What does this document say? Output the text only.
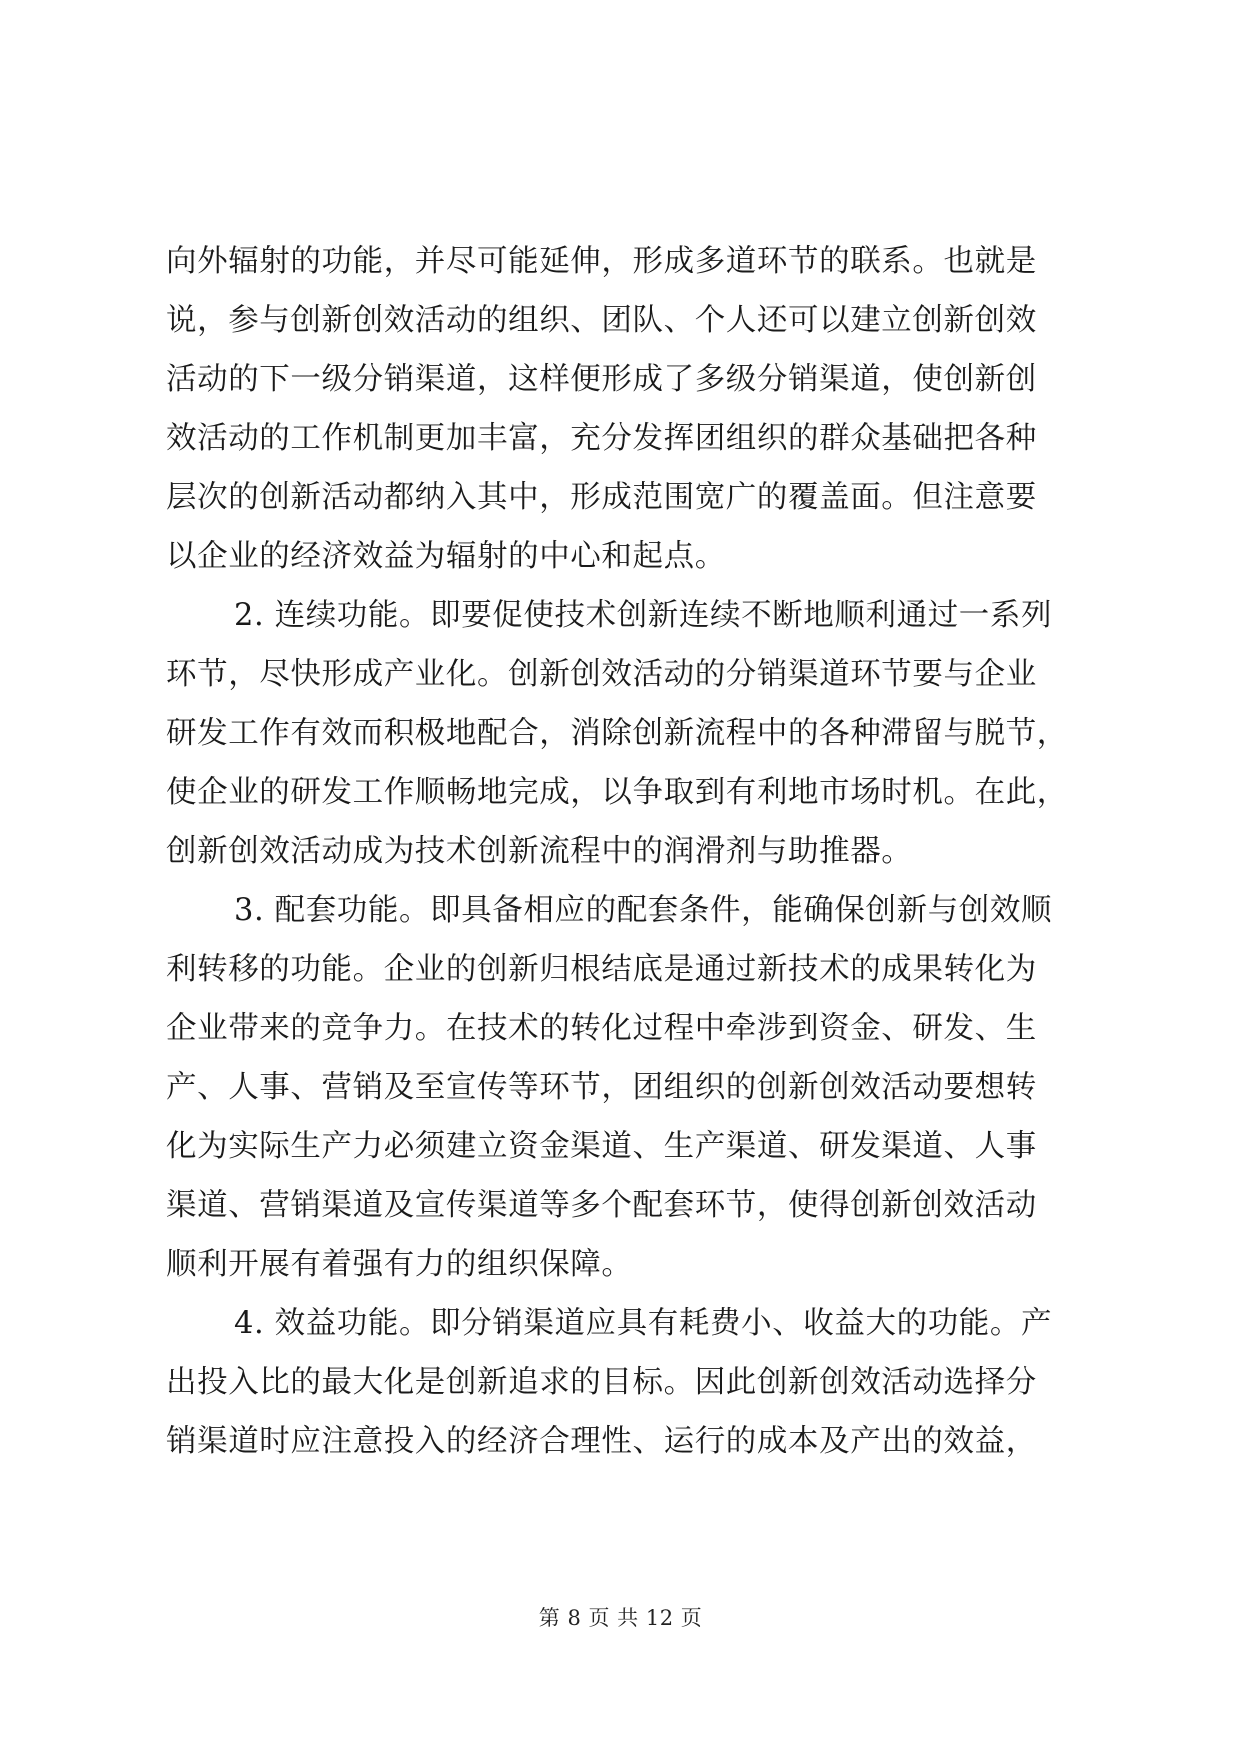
向外辐射的功能，并尽可能延伸，形成多道环节的联系。也就是
说，参与创新创效活动的组织、团队、个人还可以建立创新创效
活动的下一级分销渠道，这样便形成了多级分销渠道，使创新创
效活动的工作机制更加丰富，充分发挥团组织的群众基础把各种
层次的创新活动都纳入其中，形成范围宽广的覆盖面。但注意要
以企业的经济效益为辐射的中心和起点。
2. 连续功能。即要促使技术创新连续不断地顺利通过一系列
环节，尽快形成产业化。创新创效活动的分销渠道环节要与企业
研发工作有效而积极地配合，消除创新流程中的各种滞留与脱节，
使企业的研发工作顺畅地完成，以争取到有利地市场时机。在此，
创新创效活动成为技术创新流程中的润滑剂与助推器。
3. 配套功能。即具备相应的配套条件，能确保创新与创效顺
利转移的功能。企业的创新归根结底是通过新技术的成果转化为
企业带来的竞争力。在技术的转化过程中牵涉到资金、研发、生
产、人事、营销及至宣传等环节，团组织的创新创效活动要想转
化为实际生产力必须建立资金渠道、生产渠道、研发渠道、人事
渠道、营销渠道及宣传渠道等多个配套环节，使得创新创效活动
顺利开展有着强有力的组织保障。
4. 效益功能。即分销渠道应具有耗费小、收益大的功能。产
出投入比的最大化是创新追求的目标。因此创新创效活动选择分
销渠道时应注意投入的经济合理性、运行的成本及产出的效益，
第 8 页 共 12 页
